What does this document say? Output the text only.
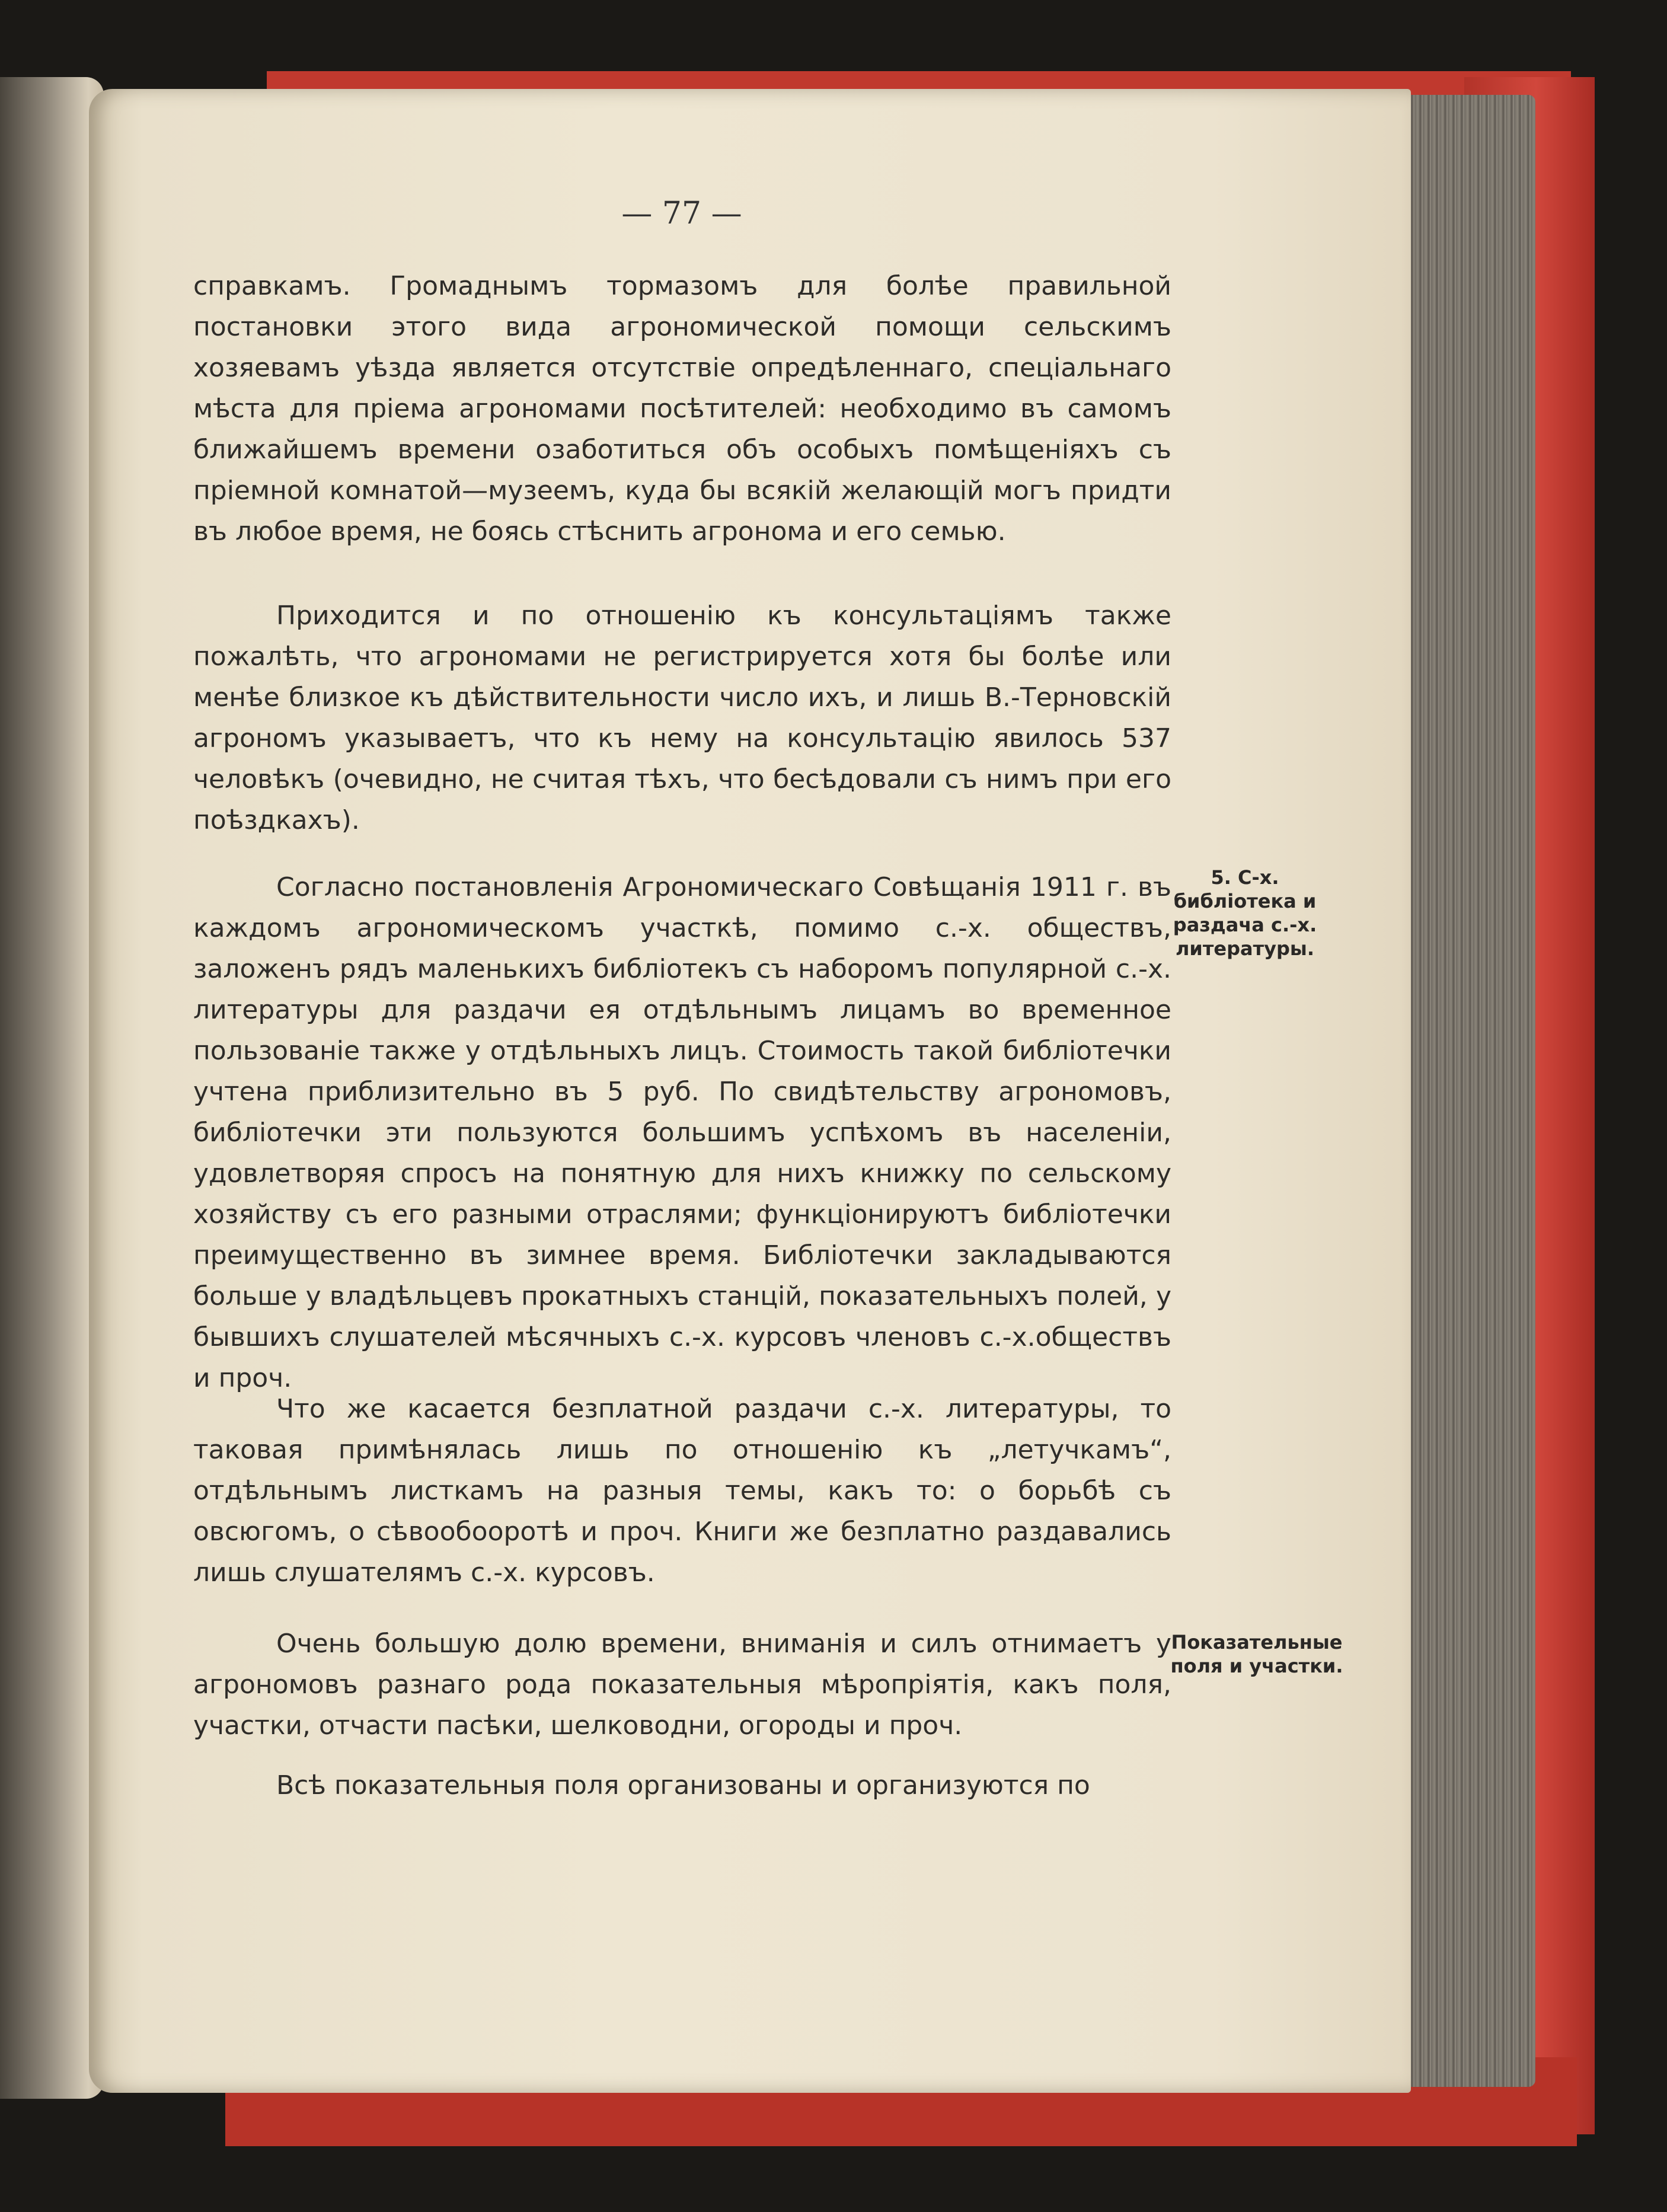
— 77 —

справкамъ. Громаднымъ тормазомъ для болѣе правильной постановки этого вида агрономической помощи сельскимъ хозяевамъ уѣзда является отсутствіе опредѣленнаго, спеціальнаго мѣста для пріема агрономами посѣтителей: необходимо въ самомъ ближайшемъ времени озаботиться объ особыхъ помѣщеніяхъ съ пріемной комнатой—музеемъ, куда бы всякій желающій могъ придти въ любое время, не боясь стѣснить агронома и его семью.

Приходится и по отношенію къ консультаціямъ также пожалѣть, что агрономами не регистрируется хотя бы болѣе или менѣе близкое къ дѣйствительности число ихъ, и лишь В.-Терновскій агрономъ указываетъ, что къ нему на консультацію явилось 537 человѣкъ (очевидно, не считая тѣхъ, что бесѣдовали съ нимъ при его поѣздкахъ).

Согласно постановленія Агрономическаго Совѣщанія 1911 г. въ каждомъ агрономическомъ участкѣ, помимо с.-х. обществъ, заложенъ рядъ маленькихъ библіотекъ съ наборомъ популярной с.-х. литературы для раздачи ея отдѣльнымъ лицамъ во временное пользованіе также у отдѣльныхъ лицъ. Стоимость такой библіотечки учтена приблизительно въ 5 руб. По свидѣтельству агрономовъ, библіотечки эти пользуются большимъ успѣхомъ въ населеніи, удовлетворяя спросъ на понятную для нихъ книжку по сельскому хозяйству съ его разными отраслями; функціонируютъ библіотечки преимущественно въ зимнее время. Библіотечки закладываются больше у владѣльцевъ прокатныхъ станцій, показательныхъ полей, у бывшихъ слушателей мѣсячныхъ с.-х. курсовъ членовъ с.-х.обществъ и проч.

Что же касается безплатной раздачи с.-х. литературы, то таковая примѣнялась лишь по отношенію къ „летучкамъ“, отдѣльнымъ листкамъ на разныя темы, какъ то: о борьбѣ съ овсюгомъ, о сѣвообооротѣ и проч. Книги же безплатно раздавались лишь слушателямъ с.-х. курсовъ.

Очень большую долю времени, вниманія и силъ отнимаетъ у агрономовъ разнаго рода показательныя мѣропріятія, какъ поля, участки, отчасти пасѣки, шелководни, огороды и проч.

Всѣ показательныя поля организованы и организуются по

5. С-х. библіотека и раздача с.-х. литературы.

Показательные поля и участки.
